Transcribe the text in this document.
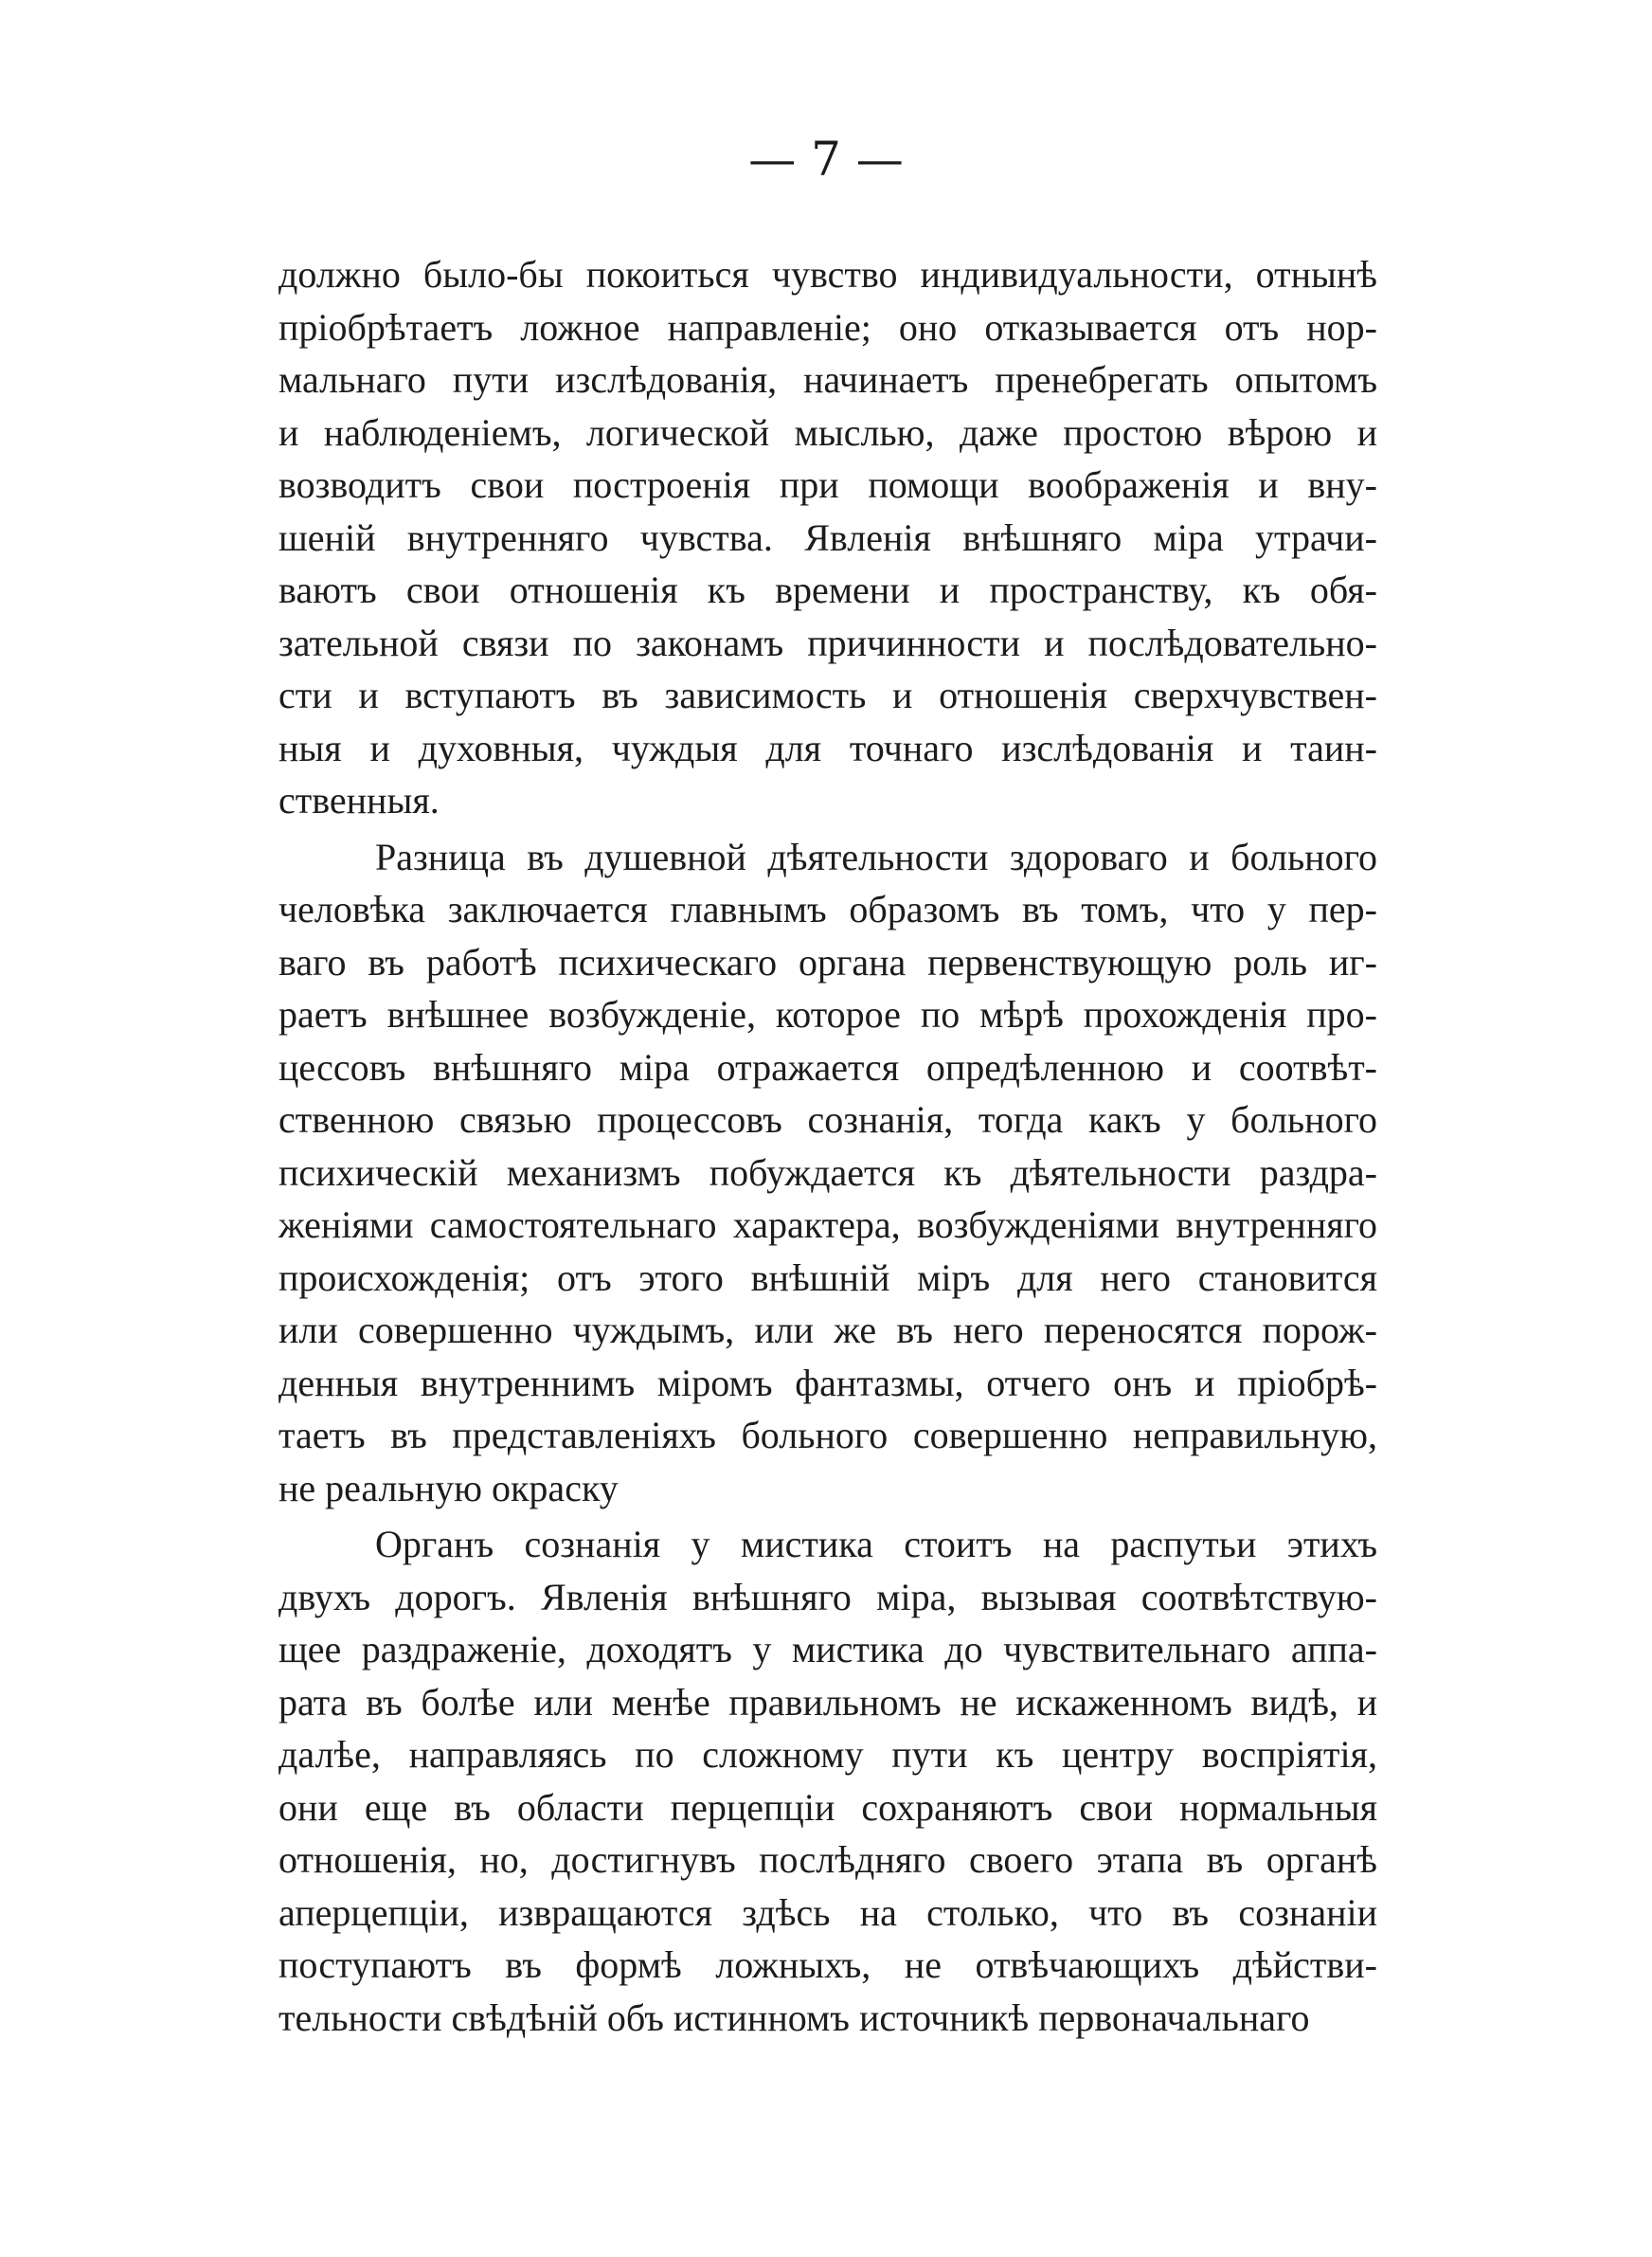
— 7 —
должно было-бы покоиться чувство индивидуальности, отнынѣ
пріобрѣтаетъ ложное направленіе; оно отказывается отъ нор-
мальнаго пути изслѣдованія, начинаетъ пренебрегать опытомъ
и наблюденіемъ, логической мыслью, даже простою вѣрою и
возводитъ свои построенія при помощи воображенія и вну-
шеній внутренняго чувства. Явленія внѣшняго міра утрачи-
ваютъ свои отношенія къ времени и пространству, къ обя-
зательной связи по законамъ причинности и послѣдовательно-
сти и вступаютъ въ зависимость и отношенія сверхчувствен-
ныя и духовныя, чуждыя для точнаго изслѣдованія и таин-
ственныя.
Разница въ душевной дѣятельности здороваго и больного
человѣка заключается главнымъ образомъ въ томъ, что у пер-
ваго въ работѣ психическаго органа первенствующую роль иг-
раетъ внѣшнее возбужденіе, которое по мѣрѣ прохожденія про-
цессовъ внѣшняго міра отражается опредѣленною и соотвѣт-
ственною связью процессовъ сознанія, тогда какъ у больного
психическій механизмъ побуждается къ дѣятельности раздра-
женіями самостоятельнаго характера, возбужденіями внутренняго
происхожденія; отъ этого внѣшній міръ для него становится
или совершенно чуждымъ, или же въ него переносятся порож-
денныя внутреннимъ міромъ фантазмы, отчего онъ и пріобрѣ-
таетъ въ представленіяхъ больного совершенно неправильную,
не реальную окраску
Органъ сознанія у мистика стоитъ на распутьи этихъ
двухъ дорогъ. Явленія внѣшняго міра, вызывая соотвѣтствую-
щее раздраженіе, доходятъ у мистика до чувствительнаго аппа-
рата въ болѣе или менѣе правильномъ не искаженномъ видѣ, и
далѣе, направляясь по сложному пути къ центру воспріятія,
они еще въ области перцепціи сохраняютъ свои нормальныя
отношенія, но, достигнувъ послѣдняго своего этапа въ органѣ
аперцепціи, извращаются здѣсь на столько, что въ сознаніи
поступаютъ въ формѣ ложныхъ, не отвѣчающихъ дѣйстви-
тельности свѣдѣній объ истинномъ источникѣ первоначальнаго
